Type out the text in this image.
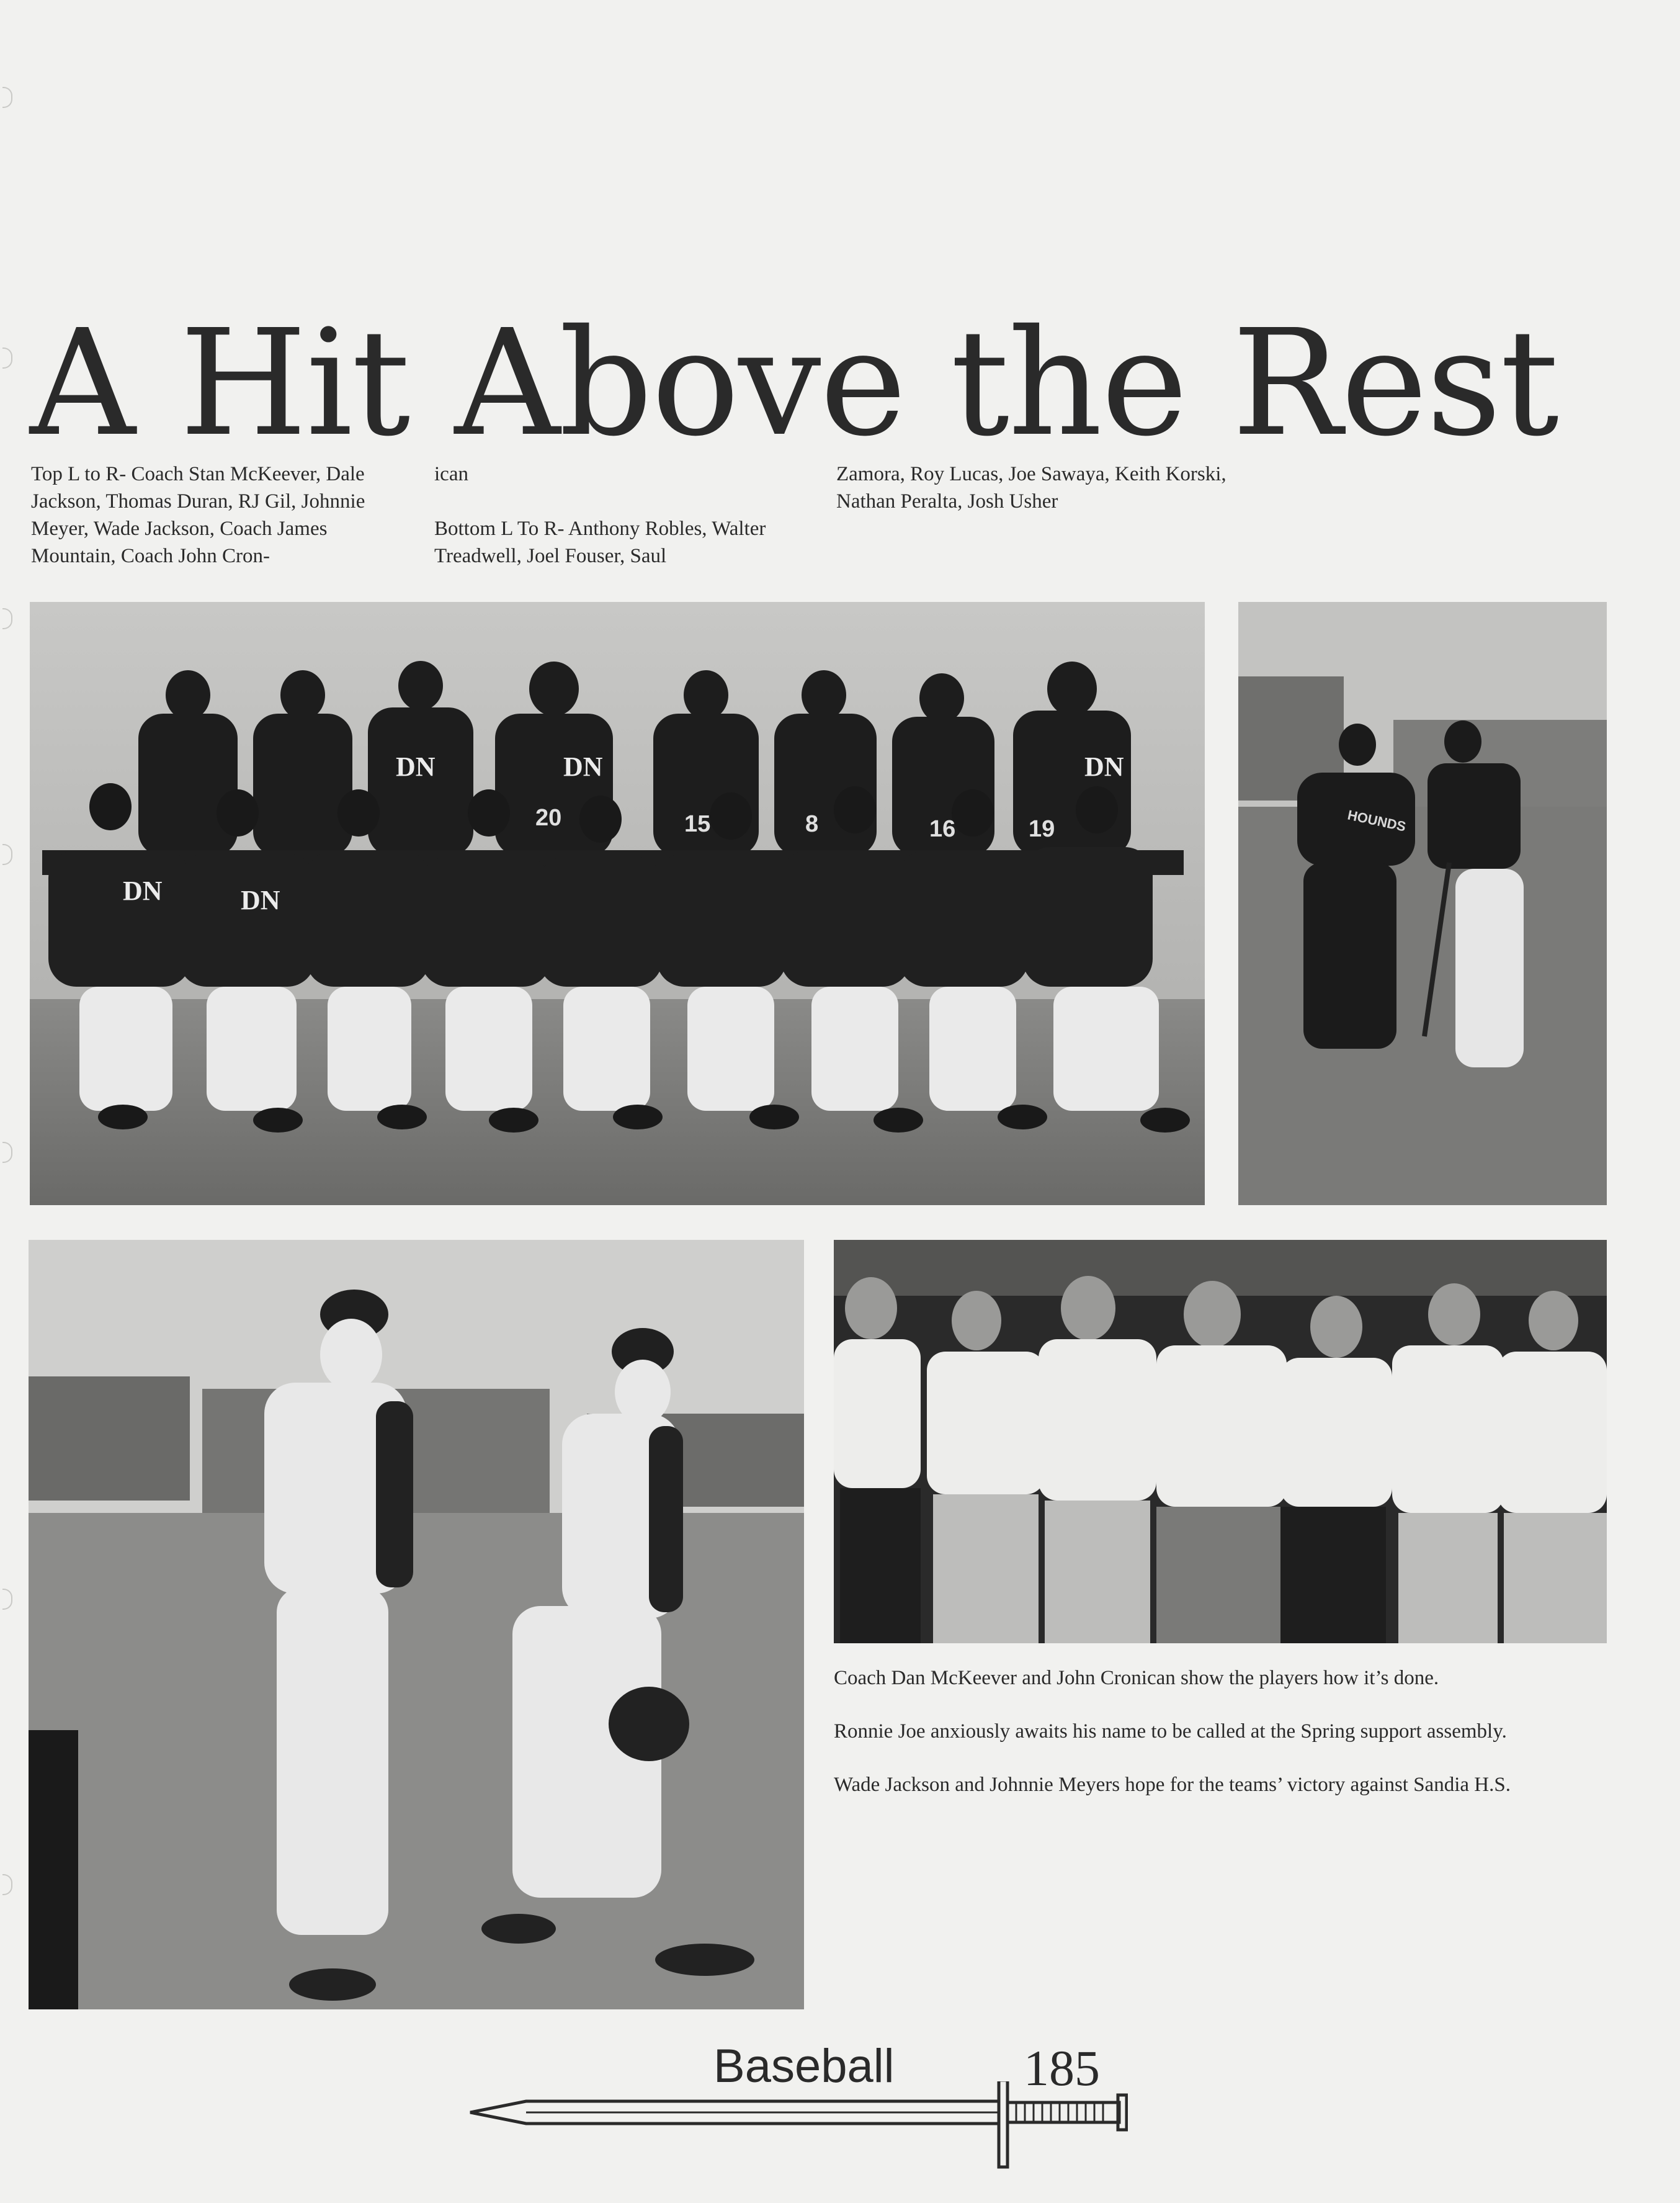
A Hit Above the Rest

Top L to R- Coach Stan McKeever, Dale Jackson, Thomas Duran, RJ Gil, Johnnie Meyer, Wade Jackson, Coach James Mountain, Coach John Cron-

ican

Bottom L To R- Anthony Robles, Walter Treadwell, Joel Fouser, Saul

Zamora, Roy Lucas, Joe Sawaya, Keith Korski, Nathan Peralta, Josh Usher

20	15	8	16	19
DN	DN
DN	DN	DN
HOUNDS

Coach Dan McKeever and John Cronican show the players how it’s done.

Ronnie Joe anxiously awaits his name to be called at the Spring support assembly.

Wade Jackson and Johnnie Meyers hope for the teams’ victory against Sandia H.S.

Baseball	185
